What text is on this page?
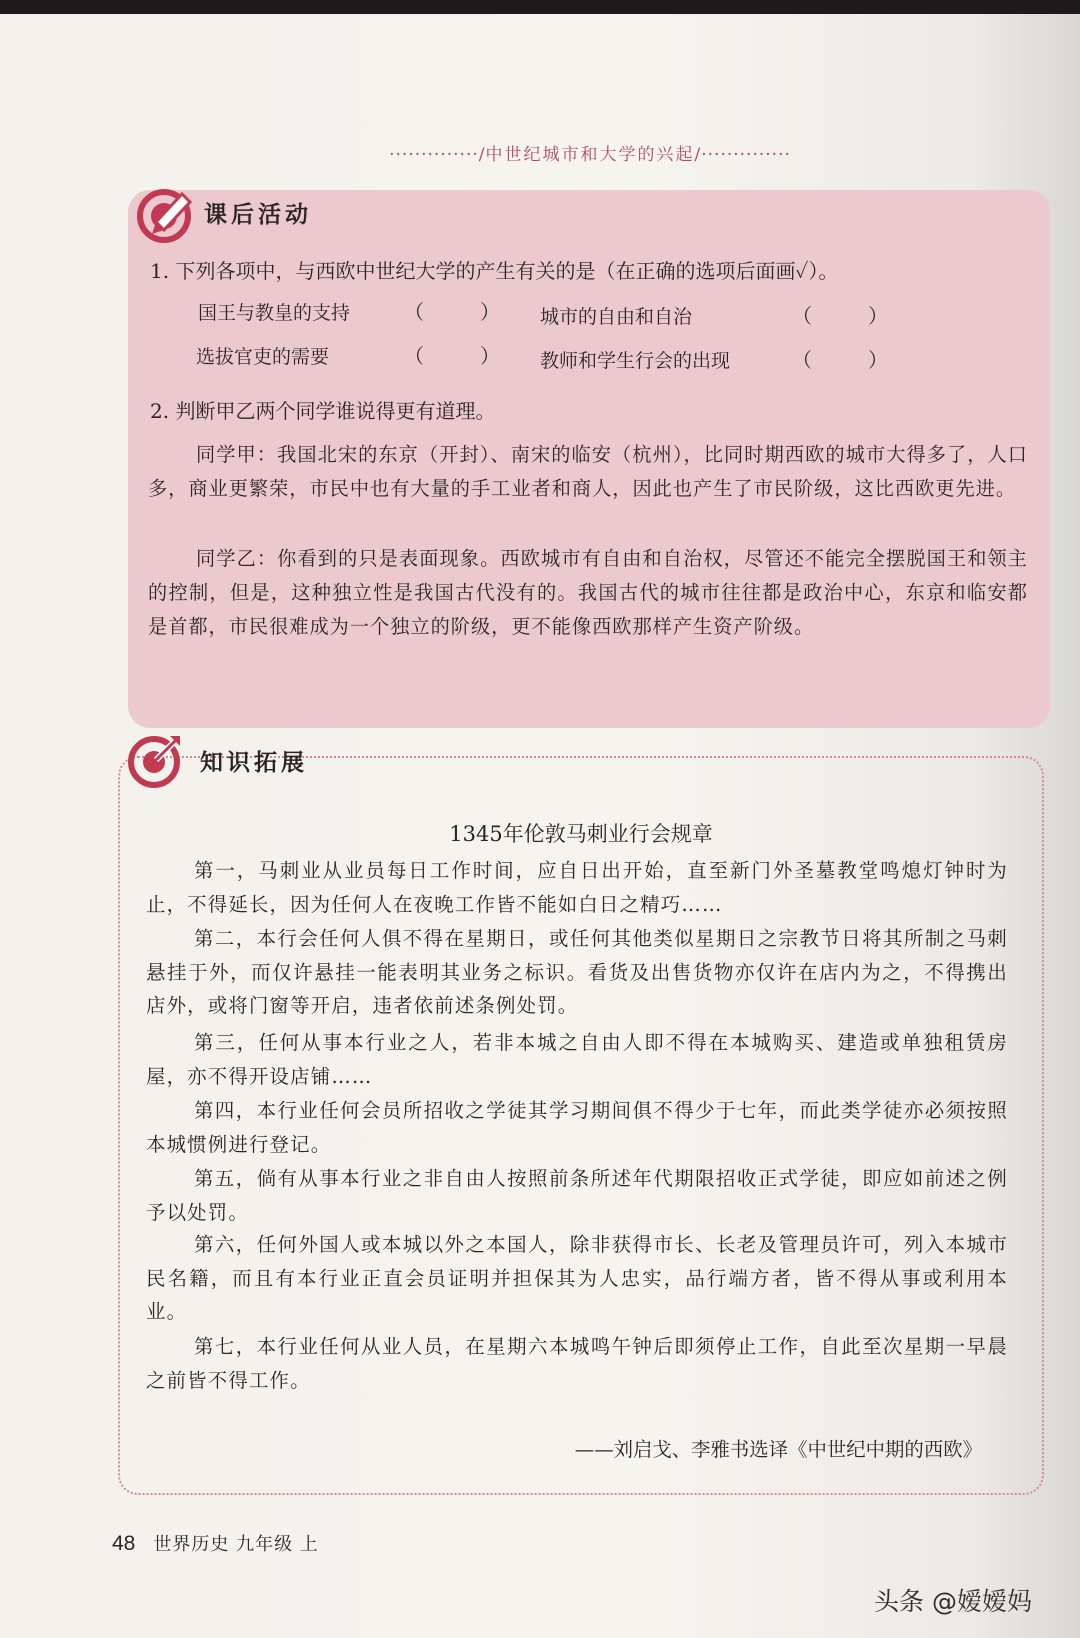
··············/中世纪城市和大学的兴起/··············
课后活动
1. 下列各项中，与西欧中世纪大学的产生有关的是（在正确的选项后面画✓）。
国王与教皇的支持	（）
城市的自由和自治	（）
选拔官吏的需要	（）
教师和学生行会的出现	（）
2. 判断甲乙两个同学谁说得更有道理。
同学甲：我国北宋的东京（开封）、南宋的临安（杭州），比同时期西欧的城市大得多了，人口多，商业更繁荣，市民中也有大量的手工业者和商人，因此也产生了市民阶级，这比西欧更先进。
同学乙：你看到的只是表面现象。西欧城市有自由和自治权，尽管还不能完全摆脱国王和领主的控制，但是，这种独立性是我国古代没有的。我国古代的城市往往都是政治中心，东京和临安都是首都，市民很难成为一个独立的阶级，更不能像西欧那样产生资产阶级。
知识拓展
1345年伦敦马刺业行会规章
第一，马刺业从业员每日工作时间，应自日出开始，直至新门外圣墓教堂鸣熄灯钟时为止，不得延长，因为任何人在夜晚工作皆不能如白日之精巧……
第二，本行会任何人俱不得在星期日，或任何其他类似星期日之宗教节日将其所制之马刺悬挂于外，而仅许悬挂一能表明其业务之标识。看货及出售货物亦仅许在店内为之，不得携出店外，或将门窗等开启，违者依前述条例处罚。
第三，任何从事本行业之人，若非本城之自由人即不得在本城购买、建造或单独租赁房屋，亦不得开设店铺……
第四，本行业任何会员所招收之学徒其学习期间俱不得少于七年，而此类学徒亦必须按照本城惯例进行登记。
第五，倘有从事本行业之非自由人按照前条所述年代期限招收正式学徒，即应如前述之例予以处罚。
第六，任何外国人或本城以外之本国人，除非获得市长、长老及管理员许可，列入本城市民名籍，而且有本行业正直会员证明并担保其为人忠实，品行端方者，皆不得从事或利用本业。
第七，本行业任何从业人员，在星期六本城鸣午钟后即须停止工作，自此至次星期一早晨之前皆不得工作。
——刘启戈、李雅书选译《中世纪中期的西欧》
48 世界历史 九年级 上
头条 @嫒嫒妈
